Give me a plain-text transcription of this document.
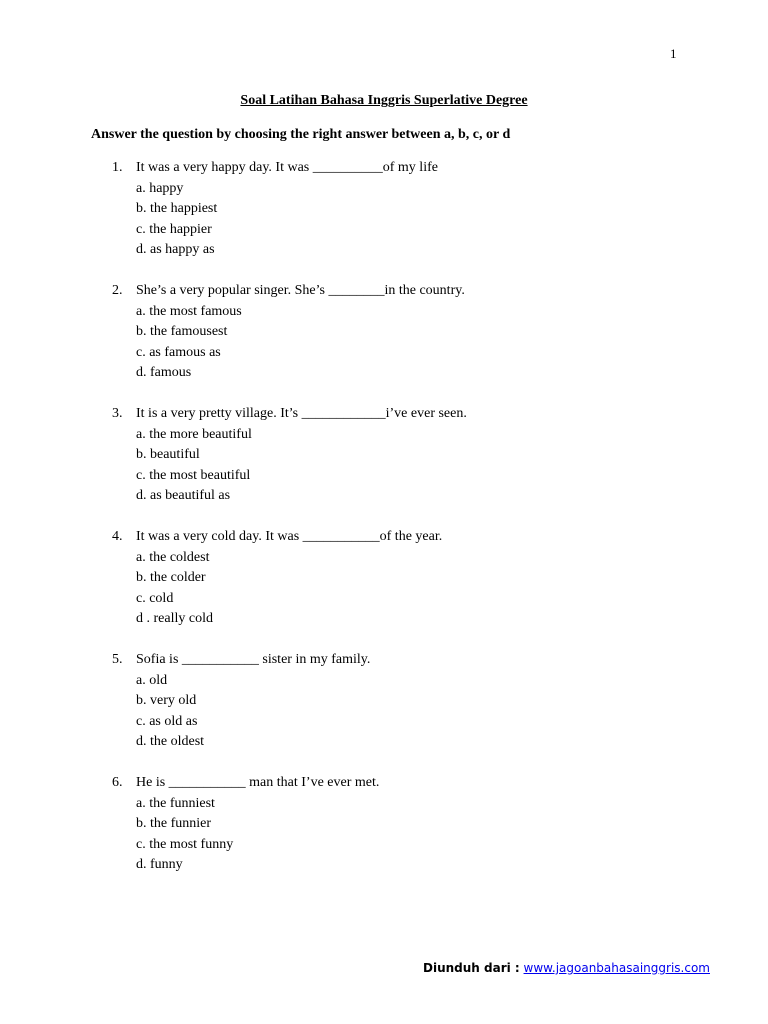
1
Soal Latihan Bahasa Inggris Superlative Degree
Answer the question by choosing the right answer between a, b, c, or d
1. It was a very happy day. It was __________of my life
a. happy
b. the happiest
c. the happier
d. as happy as
2. She’s a very popular singer. She’s ________in the country.
a. the most famous
b. the famousest
c. as famous as
d. famous
3. It is a very pretty village. It’s ____________i’ve ever seen.
a. the more beautiful
b. beautiful
c. the most beautiful
d. as beautiful as
4. It was a very cold day. It was ___________of the year.
a. the coldest
b. the colder
c. cold
d . really cold
5. Sofia is ___________ sister in my family.
a. old
b. very old
c. as old as
d. the oldest
6. He is ___________ man that I’ve ever met.
a. the funniest
b. the funnier
c. the most funny
d. funny
Diunduh dari : www.jagoanbahasainggris.com
